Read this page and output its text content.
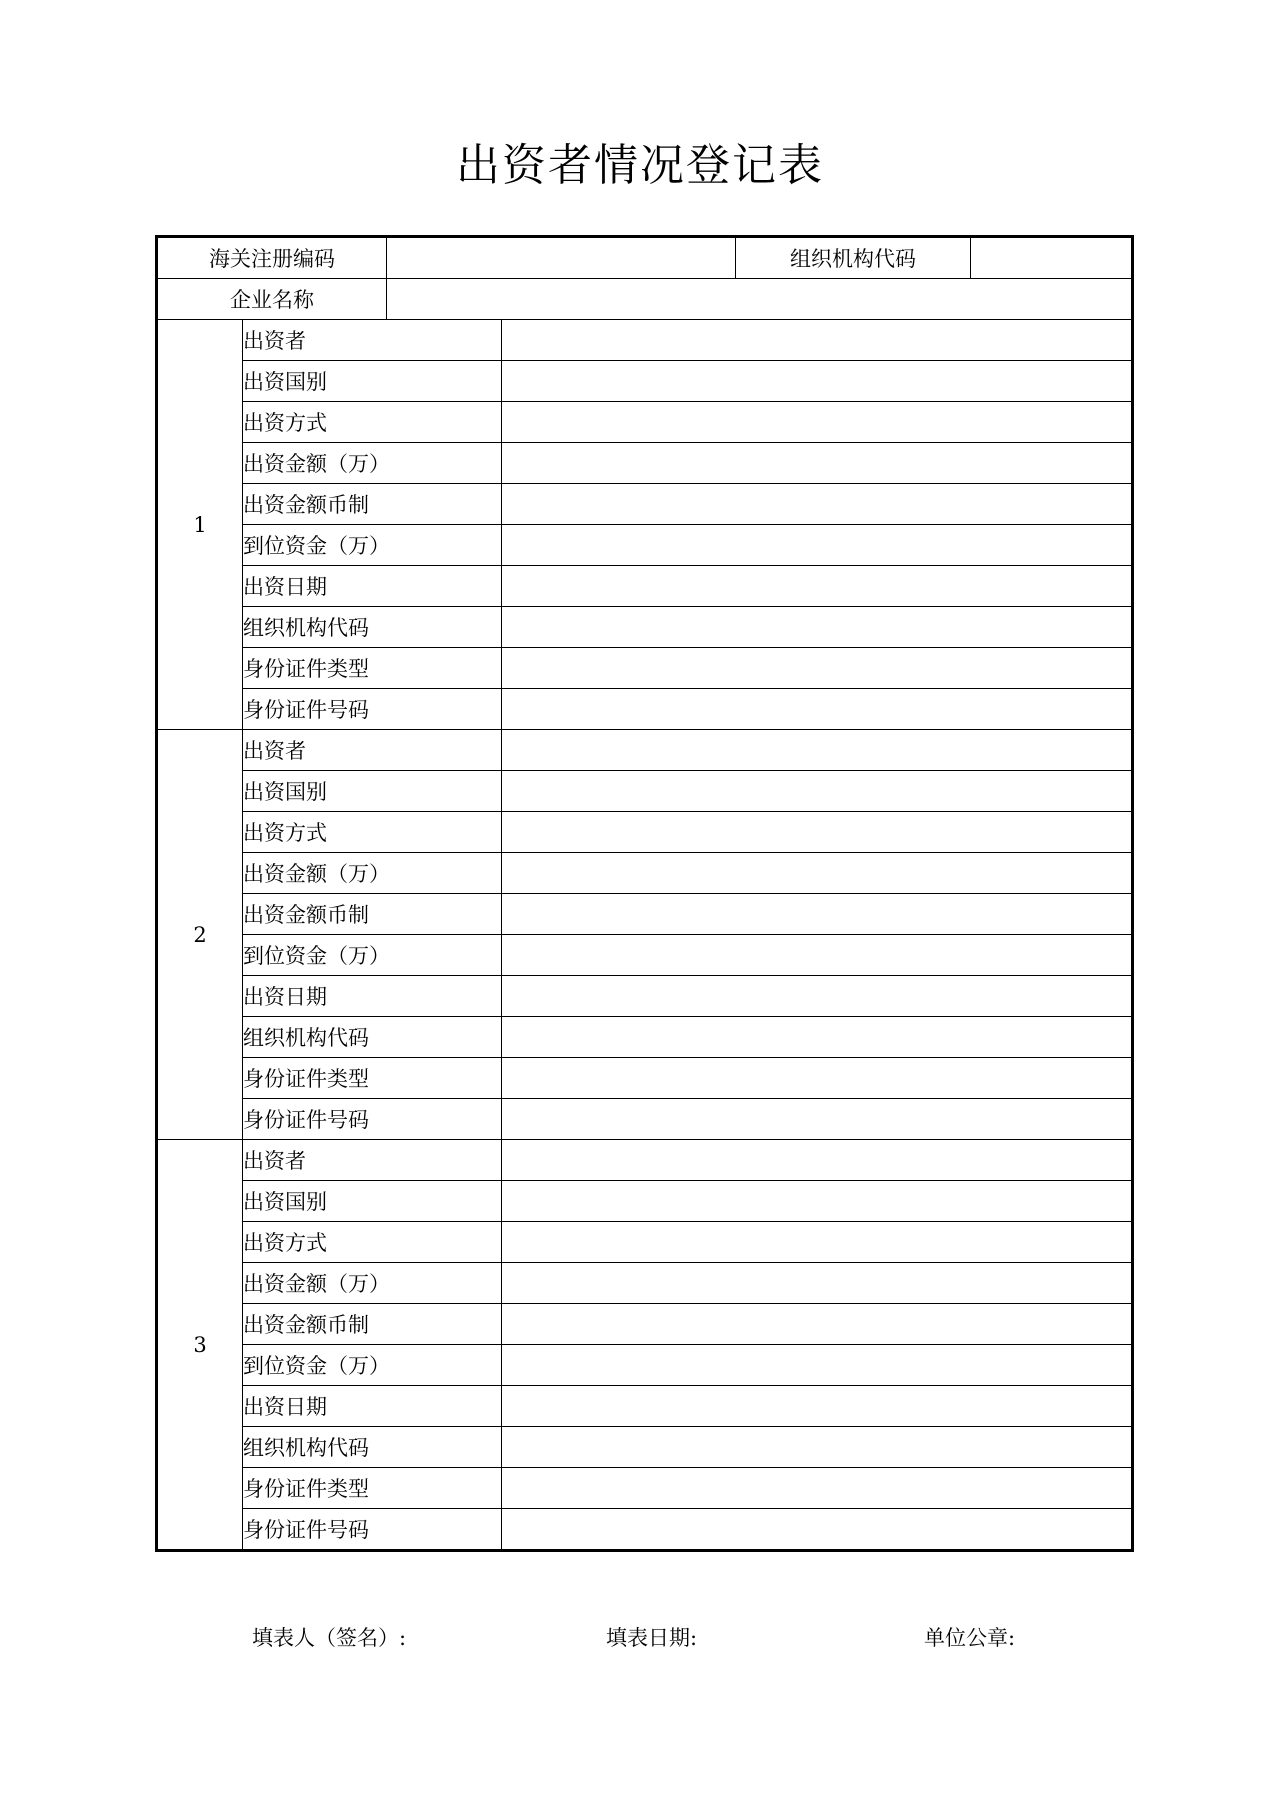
出资者情况登记表
海关注册编码				组织机构代码

企业名称				
1	出资者			
	出资国别			
	出资方式			
	出资金额（万）			
	出资金额币制			
	到位资金（万）			
	出资日期			
	组织机构代码			
	身份证件类型			
	身份证件号码			
2	出资者			
	出资国别			
	出资方式			
	出资金额（万）			
	出资金额币制			
	到位资金（万）			
	出资日期			
	组织机构代码			
	身份证件类型			
	身份证件号码			
3	出资者			
	出资国别			
	出资方式			
	出资金额（万）			
	出资金额币制			
	到位资金（万）			
	出资日期			
	组织机构代码			
	身份证件类型			
	身份证件号码			
填表人（签名）:	填表日期:	单位公章:
